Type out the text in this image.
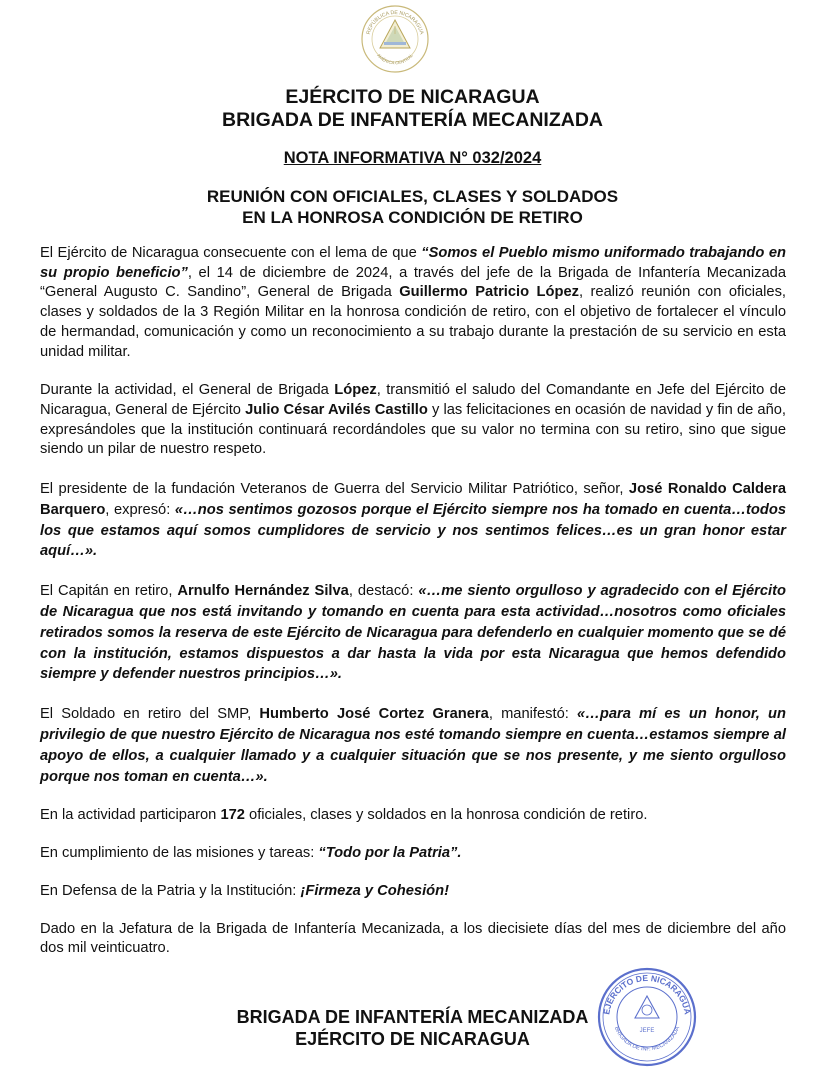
REPÚBLICA DE NICARAGUA
AMÉRICA CENTRAL
EJÉRCITO DE NICARAGUA
BRIGADA DE INFANTERÍA MECANIZADA
NOTA INFORMATIVA N° 032/2024
REUNIÓN CON OFICIALES, CLASES Y SOLDADOS
EN LA HONROSA CONDICIÓN DE RETIRO

El Ejército de Nicaragua consecuente con el lema de que “Somos el Pueblo mismo uniformado trabajando en su propio beneficio”, el 14 de diciembre de 2024, a través del jefe de la Brigada de Infantería Mecanizada “General Augusto C. Sandino”, General de Brigada Guillermo Patricio López, realizó reunión con oficiales, clases y soldados de la 3 Región Militar en la honrosa condición de retiro, con el objetivo de fortalecer el vínculo de hermandad, comunicación y como un reconocimiento a su trabajo durante la prestación de su servicio en esta unidad militar.

Durante la actividad, el General de Brigada López, transmitió el saludo del Comandante en Jefe del Ejército de Nicaragua, General de Ejército Julio César Avilés Castillo y las felicitaciones en ocasión de navidad y fin de año, expresándoles que la institución continuará recordándoles que su valor no termina con su retiro, sino que sigue siendo un pilar de nuestro respeto.

El presidente de la fundación Veteranos de Guerra del Servicio Militar Patriótico, señor, José Ronaldo Caldera Barquero, expresó: «…nos sentimos gozosos porque el Ejército siempre nos ha tomado en cuenta…todos los que estamos aquí somos cumplidores de servicio y nos sentimos felices…es un gran honor estar aquí…».

El Capitán en retiro, Arnulfo Hernández Silva, destacó: «…me siento orgulloso y agradecido con el Ejército de Nicaragua que nos está invitando y tomando en cuenta para esta actividad…nosotros como oficiales retirados somos la reserva de este Ejército de Nicaragua para defenderlo en cualquier momento que se dé con la institución, estamos dispuestos a dar hasta la vida por esta Nicaragua que hemos defendido siempre y defender nuestros principios…».

El Soldado en retiro del SMP, Humberto José Cortez Granera, manifestó: «…para mí es un honor, un privilegio de que nuestro Ejército de Nicaragua nos esté tomando siempre en cuenta…estamos siempre al apoyo de ellos, a cualquier llamado y a cualquier situación que se nos presente, y me siento orgulloso porque nos toman en cuenta…».

En la actividad participaron 172 oficiales, clases y soldados en la honrosa condición de retiro.

En cumplimiento de las misiones y tareas: “Todo por la Patria”.

En Defensa de la Patria y la Institución: ¡Firmeza y Cohesión!

Dado en la Jefatura de la Brigada de Infantería Mecanizada, a los diecisiete días del mes de diciembre del año dos mil veinticuatro.

BRIGADA DE INFANTERÍA MECANIZADA
EJÉRCITO DE NICARAGUA
EJÉRCITO DE NICARAGUA
BRIGADA DE INF. MECANIZADA
JEFE
